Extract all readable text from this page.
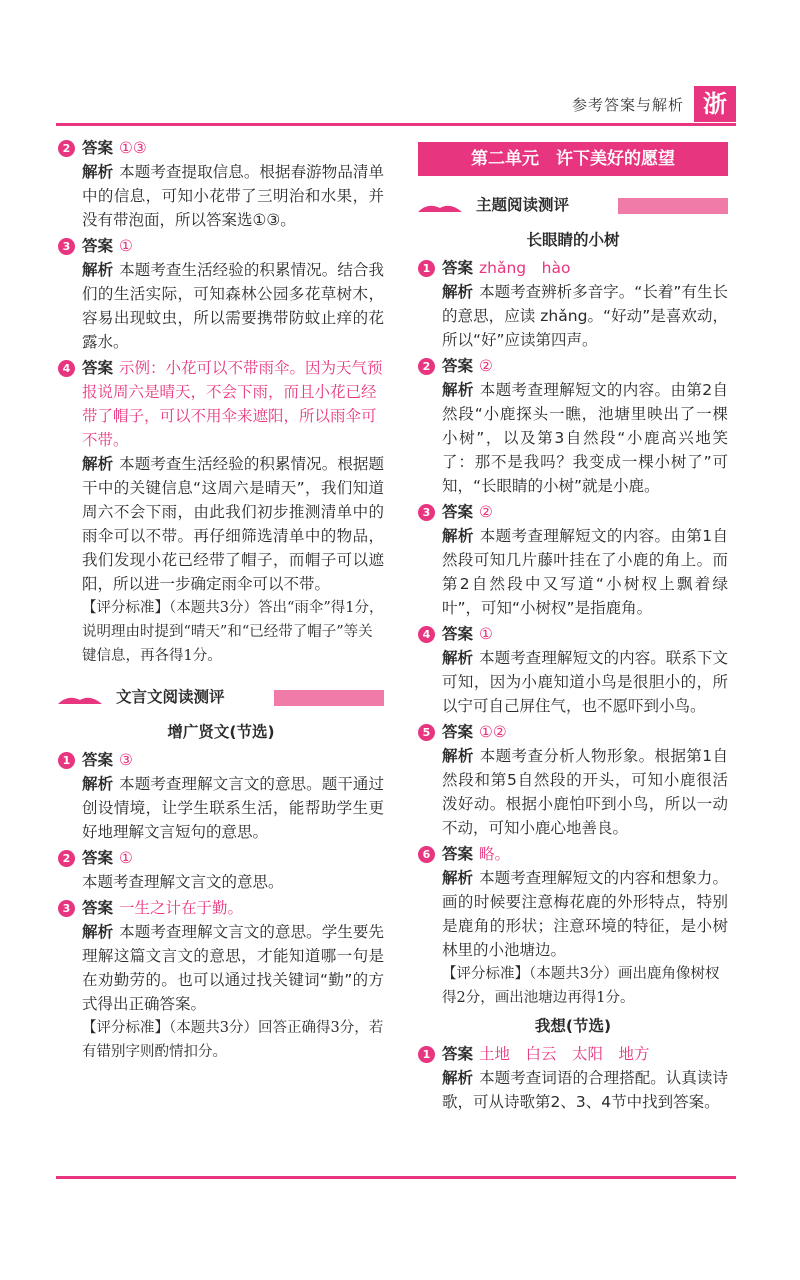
参考答案与解析 浙
2 答案 ①③
解析 本题考查提取信息。根据春游物品清单中的信息，可知小花带了三明治和水果，并没有带泡面，所以答案选①③。
3 答案 ①
解析 本题考查生活经验的积累情况。结合我们的生活实际，可知森林公园多花草树木，容易出现蚊虫，所以需要携带防蚊止痒的花露水。
4 答案 示例：小花可以不带雨伞。因为天气预报说周六是晴天，不会下雨，而且小花已经带了帽子，可以不用伞来遮阳，所以雨伞可不带。
解析 本题考查生活经验的积累情况。根据题干中的关键信息“这周六是晴天”，我们知道周六不会下雨，由此我们初步推测清单中的雨伞可以不带。再仔细筛选清单中的物品，我们发现小花已经带了帽子，而帽子可以遮阳，所以进一步确定雨伞可以不带。
【评分标准】（本题共3分）答出“雨伞”得1分，说明理由时提到“晴天”和“已经带了帽子”等关键信息，再各得1分。
文言文阅读测评
增广贤文(节选)
1 答案 ③
解析 本题考查理解文言文的意思。题干通过创设情境，让学生联系生活，能帮助学生更好地理解文言短句的意思。
2 答案 ①
本题考查理解文言文的意思。
3 答案 一生之计在于勤。
解析 本题考查理解文言文的意思。学生要先理解这篇文言文的意思，才能知道哪一句是在劝勤劳的。也可以通过找关键词“勤”的方式得出正确答案。
【评分标准】（本题共3分）回答正确得3分，若有错别字则酌情扣分。
第二单元　许下美好的愿望
主题阅读测评
长眼睛的小树
1 答案 zhǎng　hào
解析 本题考查辨析多音字。“长着”有生长的意思，应读 zhǎng。“好动”是喜欢动，所以“好”应读第四声。
2 答案 ②
解析 本题考查理解短文的内容。由第2自然段“小鹿探头一瞧，池塘里映出了一棵小树”，以及第3自然段“小鹿高兴地笑了：那不是我吗？我变成一棵小树了”可知，“长眼睛的小树”就是小鹿。
3 答案 ②
解析 本题考查理解短文的内容。由第1自然段可知几片藤叶挂在了小鹿的角上。而第2自然段中又写道“小树杈上飘着绿叶”，可知“小树杈”是指鹿角。
4 答案 ①
解析 本题考查理解短文的内容。联系下文可知，因为小鹿知道小鸟是很胆小的，所以宁可自己屏住气，也不愿吓到小鸟。
5 答案 ①②
解析 本题考查分析人物形象。根据第1自然段和第5自然段的开头，可知小鹿很活泼好动。根据小鹿怕吓到小鸟，所以一动不动，可知小鹿心地善良。
6 答案 略。
解析 本题考查理解短文的内容和想象力。画的时候要注意梅花鹿的外形特点，特别是鹿角的形状；注意环境的特征，是小树林里的小池塘边。
【评分标准】（本题共3分）画出鹿角像树杈得2分，画出池塘边再得1分。
我想(节选)
1 答案 土地　白云　太阳　地方
解析 本题考查词语的合理搭配。认真读诗歌，可从诗歌第2、3、4节中找到答案。
